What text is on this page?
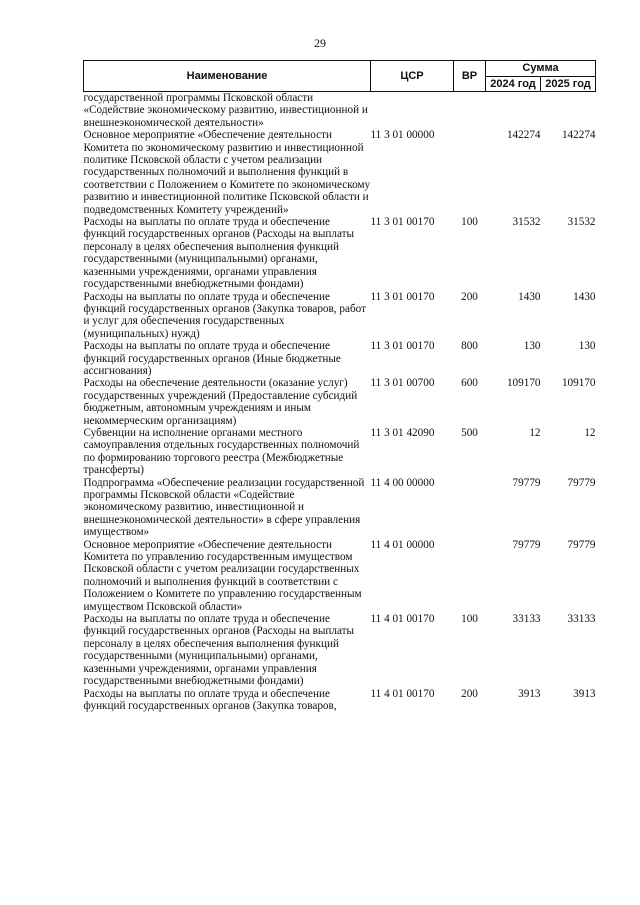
29
Наименование	ЦСР	ВР	Сумма	
			2024 год	2025 год
государственной программы Псковской области «Содействие экономическому развитию, инвестиционной и внешнеэкономической деятельности»				
Основное мероприятие «Обеспечение деятельности Комитета по экономическому развитию и инвестиционной политике Псковской области с учетом реализации государственных полномочий и выполнения функций в соответствии с Положением о Комитете по экономическому развитию и инвестиционной политике Псковской области и подведомственных Комитету учреждений»	11 3 01 00000		142274	142274
Расходы на выплаты по оплате труда и обеспечение функций государственных органов (Расходы на выплаты персоналу в целях обеспечения выполнения функций государственными (муниципальными) органами, казенными учреждениями, органами управления государственными внебюджетными фондами)	11 3 01 00170	100	31532	31532
Расходы на выплаты по оплате труда и обеспечение функций государственных органов (Закупка товаров, работ и услуг для обеспечения государственных (муниципальных) нужд)	11 3 01 00170	200	1430	1430
Расходы на выплаты по оплате труда и обеспечение функций государственных органов (Иные бюджетные ассигнования)	11 3 01 00170	800	130	130
Расходы на обеспечение деятельности (оказание услуг) государственных учреждений (Предоставление субсидий бюджетным, автономным учреждениям и иным некоммерческим организациям)	11 3 01 00700	600	109170	109170
Субвенции на исполнение органами местного самоуправления отдельных государственных полномочий по формированию торгового реестра (Межбюджетные трансферты)	11 3 01 42090	500	12	12
Подпрограмма «Обеспечение реализации государственной программы Псковской области «Содействие экономическому развитию, инвестиционной и внешнеэкономической деятельности» в сфере управления имуществом»	11 4 00 00000		79779	79779
Основное мероприятие «Обеспечение деятельности Комитета по управлению государственным имуществом Псковской области с учетом реализации государственных полномочий и выполнения функций в соответствии с Положением о Комитете по управлению государственным имуществом Псковской области»	11 4 01 00000		79779	79779
Расходы на выплаты по оплате труда и обеспечение функций государственных органов (Расходы на выплаты персоналу в целях обеспечения выполнения функций государственными (муниципальными) органами, казенными учреждениями, органами управления государственными внебюджетными фондами)	11 4 01 00170	100	33133	33133
Расходы на выплаты по оплате труда и обеспечение функций государственных органов (Закупка товаров,	11 4 01 00170	200	3913	3913
